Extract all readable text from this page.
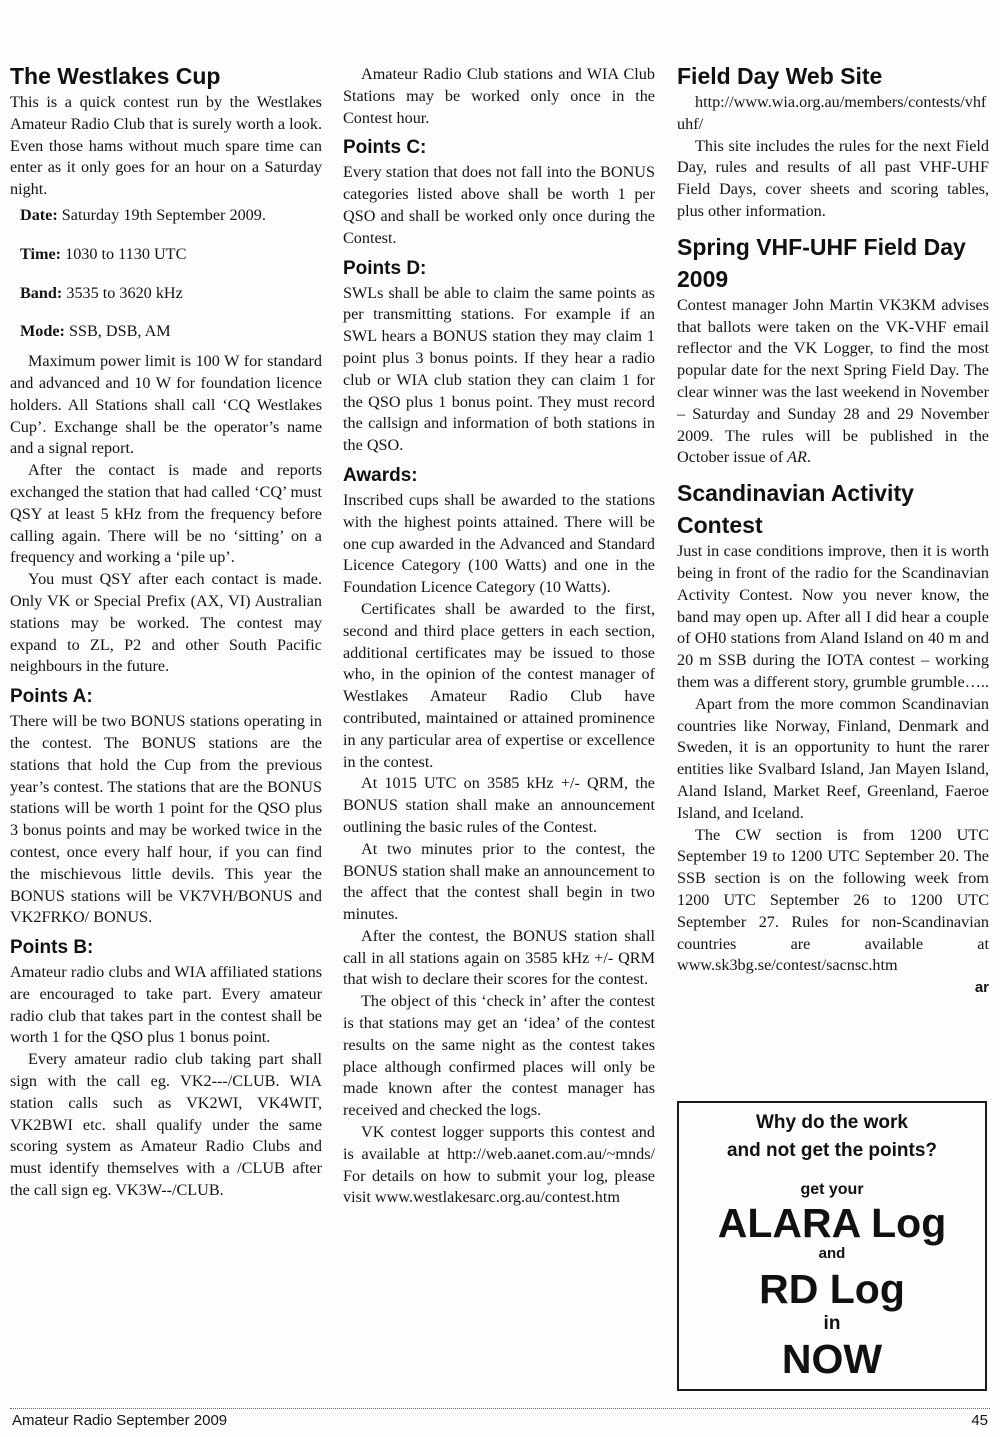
The Westlakes Cup

This is a quick contest run by the Westlakes Amateur Radio Club that is surely worth a look. Even those hams without much spare time can enter as it only goes for an hour on a Saturday night.

Date: Saturday 19th September 2009.
Time: 1030 to 1130 UTC
Band: 3535 to 3620 kHz
Mode: SSB, DSB, AM

Maximum power limit is 100 W for standard and advanced and 10 W for foundation licence holders. All Stations shall call ‘CQ Westlakes Cup’. Exchange shall be the operator’s name and a signal report.

After the contact is made and reports exchanged the station that had called ‘CQ’ must QSY at least 5 kHz from the frequency before calling again. There will be no ‘sitting’ on a frequency and working a ‘pile up’.

You must QSY after each contact is made. Only VK or Special Prefix (AX, VI) Australian stations may be worked. The contest may expand to ZL, P2 and other South Pacific neighbours in the future.

Points A:

There will be two BONUS stations operating in the contest. The BONUS stations are the stations that hold the Cup from the previous year’s contest. The stations that are the BONUS stations will be worth 1 point for the QSO plus 3 bonus points and may be worked twice in the contest, once every half hour, if you can find the mischievous little devils. This year the BONUS stations will be VK7VH/BONUS and VK2FRKO/ BONUS.

Points B:

Amateur radio clubs and WIA affiliated stations are encouraged to take part. Every amateur radio club that takes part in the contest shall be worth 1 for the QSO plus 1 bonus point.

Every amateur radio club taking part shall sign with the call eg. VK2---/CLUB. WIA station calls such as VK2WI, VK4WIT, VK2BWI etc. shall qualify under the same scoring system as Amateur Radio Clubs and must identify themselves with a /CLUB after the call sign eg. VK3W--/CLUB.

Amateur Radio Club stations and WIA Club Stations may be worked only once in the Contest hour.

Points C:

Every station that does not fall into the BONUS categories listed above shall be worth 1 per QSO and shall be worked only once during the Contest.

Points D:

SWLs shall be able to claim the same points as per transmitting stations. For example if an SWL hears a BONUS station they may claim 1 point plus 3 bonus points. If they hear a radio club or WIA club station they can claim 1 for the QSO plus 1 bonus point. They must record the callsign and information of both stations in the QSO.

Awards:

Inscribed cups shall be awarded to the stations with the highest points attained. There will be one cup awarded in the Advanced and Standard Licence Category (100 Watts) and one in the Foundation Licence Category (10 Watts).

Certificates shall be awarded to the first, second and third place getters in each section, additional certificates may be issued to those who, in the opinion of the contest manager of Westlakes Amateur Radio Club have contributed, maintained or attained prominence in any particular area of expertise or excellence in the contest.

At 1015 UTC on 3585 kHz +/- QRM, the BONUS station shall make an announcement outlining the basic rules of the Contest.

At two minutes prior to the contest, the BONUS station shall make an announcement to the affect that the contest shall begin in two minutes.

After the contest, the BONUS station shall call in all stations again on 3585 kHz +/- QRM that wish to declare their scores for the contest.

The object of this ‘check in’ after the contest is that stations may get an ‘idea’ of the contest results on the same night as the contest takes place although confirmed places will only be made known after the contest manager has received and checked the logs.

VK contest logger supports this contest and is available at http://web.aanet.com.au/~mnds/ For details on how to submit your log, please visit www.westlakesarc.org.au/contest.htm

Field Day Web Site

http://www.wia.org.au/members/contests/vhfuhf/

This site includes the rules for the next Field Day, rules and results of all past VHF-UHF Field Days, cover sheets and scoring tables, plus other information.

Spring VHF-UHF Field Day 2009

Contest manager John Martin VK3KM advises that ballots were taken on the VK-VHF email reflector and the VK Logger, to find the most popular date for the next Spring Field Day. The clear winner was the last weekend in November – Saturday and Sunday 28 and 29 November 2009. The rules will be published in the October issue of AR.

Scandinavian Activity Contest

Just in case conditions improve, then it is worth being in front of the radio for the Scandinavian Activity Contest. Now you never know, the band may open up. After all I did hear a couple of OH0 stations from Aland Island on 40 m and 20 m SSB during the IOTA contest – working them was a different story, grumble grumble…..

Apart from the more common Scandinavian countries like Norway, Finland, Denmark and Sweden, it is an opportunity to hunt the rarer entities like Svalbard Island, Jan Mayen Island, Aland Island, Market Reef, Greenland, Faeroe Island, and Iceland.

The CW section is from 1200 UTC September 19 to 1200 UTC September 20. The SSB section is on the following week from 1200 UTC September 26 to 1200 UTC September 27. Rules for non-Scandinavian countries are available at www.sk3bg.se/contest/sacnsc.htm

ar
Why do the work
and not get the points?
get your
ALARA Log
and
RD Log
in
NOW
Amateur Radio September 2009	45
